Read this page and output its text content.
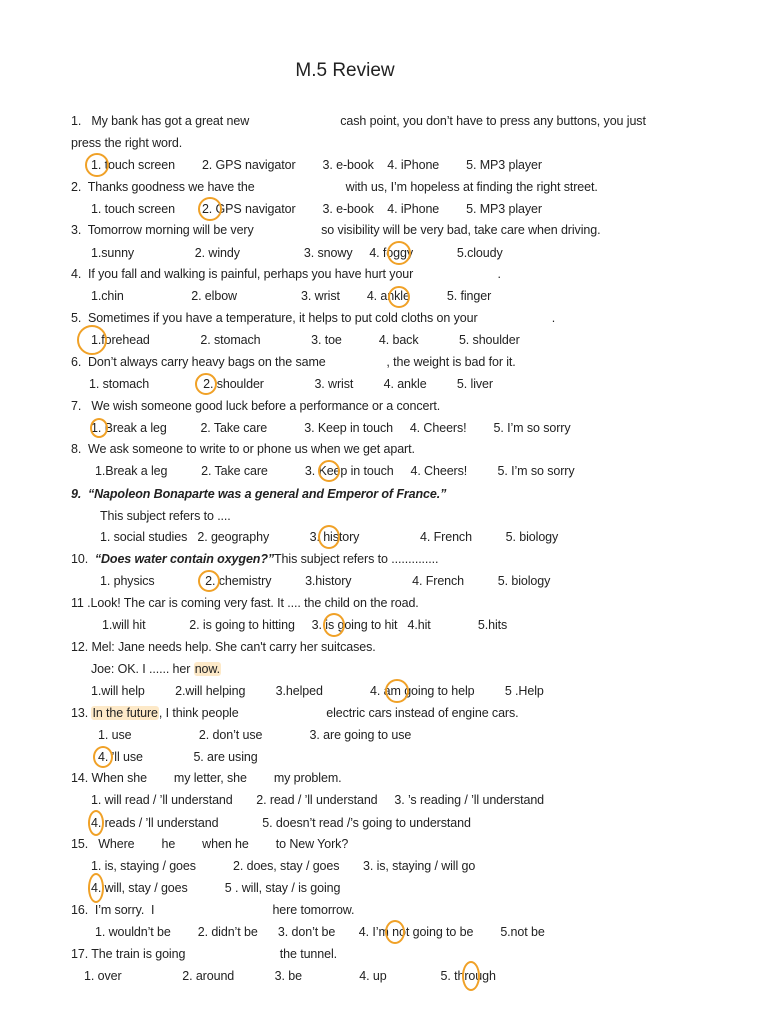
M.5 Review
1.   My bank has got a great new                           cash point, you don’t have to press any buttons, you just
press the right word.
1. touch screen        2. GPS navigator        3. e-book    4. iPhone        5. MP3 player
2.  Thanks goodness we have the                           with us, I’m hopeless at finding the right street.
1. touch screen        2. GPS navigator        3. e-book    4. iPhone        5. MP3 player
3.  Tomorrow morning will be very                    so visibility will be very bad, take care when driving.
1.sunny                  2. windy                   3. snowy     4. foggy             5.cloudy
4.  If you fall and walking is painful, perhaps you have hurt your                         .
1.chin                    2. elbow                   3. wrist        4. ankle           5. finger
5.  Sometimes if you have a temperature, it helps to put cold cloths on your                      .
1.forehead               2. stomach               3. toe           4. back            5. shoulder
6.  Don’t always carry heavy bags on the same                  , the weight is bad for it.
1. stomach                2. shoulder               3. wrist         4. ankle         5. liver
7.   We wish someone good luck before a performance or a concert.
1. Break a leg          2. Take care           3. Keep in touch     4. Cheers!        5. I’m so sorry
8.  We ask someone to write to or phone us when we get apart.
1.Break a leg          2. Take care           3. Keep in touch     4. Cheers!         5. I’m so sorry
9.  “Napoleon Bonaparte was a general and Emperor of France.”
This subject refers to ....
1. social studies   2. geography            3. history                  4. French          5. biology
10.  “Does water contain oxygen?”This subject refers to ..............
1. physics               2. chemistry          3.history                  4. French          5. biology
11 .Look! The car is coming very fast. It .... the child on the road.
1.will hit             2. is going to hitting     3. is going to hit   4.hit              5.hits
12. Mel: Jane needs help. She can't carry her suitcases.
Joe: OK. I ...... her now.
1.will help         2.will helping         3.helped              4. am going to help         5 .Help
13. In the future, I think people                          electric cars instead of engine cars.
1. use                    2. don’t use              3. are going to use
4. ’ll use               5. are using
14. When she        my letter, she        my problem.
1. will read / ’ll understand       2. read / ’ll understand     3. ’s reading / ’ll understand
4. reads / ’ll understand             5. doesn’t read /’s going to understand
15.   Where        he        when he        to New York?
1. is, staying / goes           2. does, stay / goes       3. is, staying / will go
4. will, stay / goes           5 . will, stay / is going
16.  I’m sorry.  I                                   here tomorrow.
1. wouldn’t be        2. didn’t be      3. don’t be       4. I’m not going to be        5.not be
17. The train is going                            the tunnel.
1. over                  2. around            3. be                 4. up                5. through
